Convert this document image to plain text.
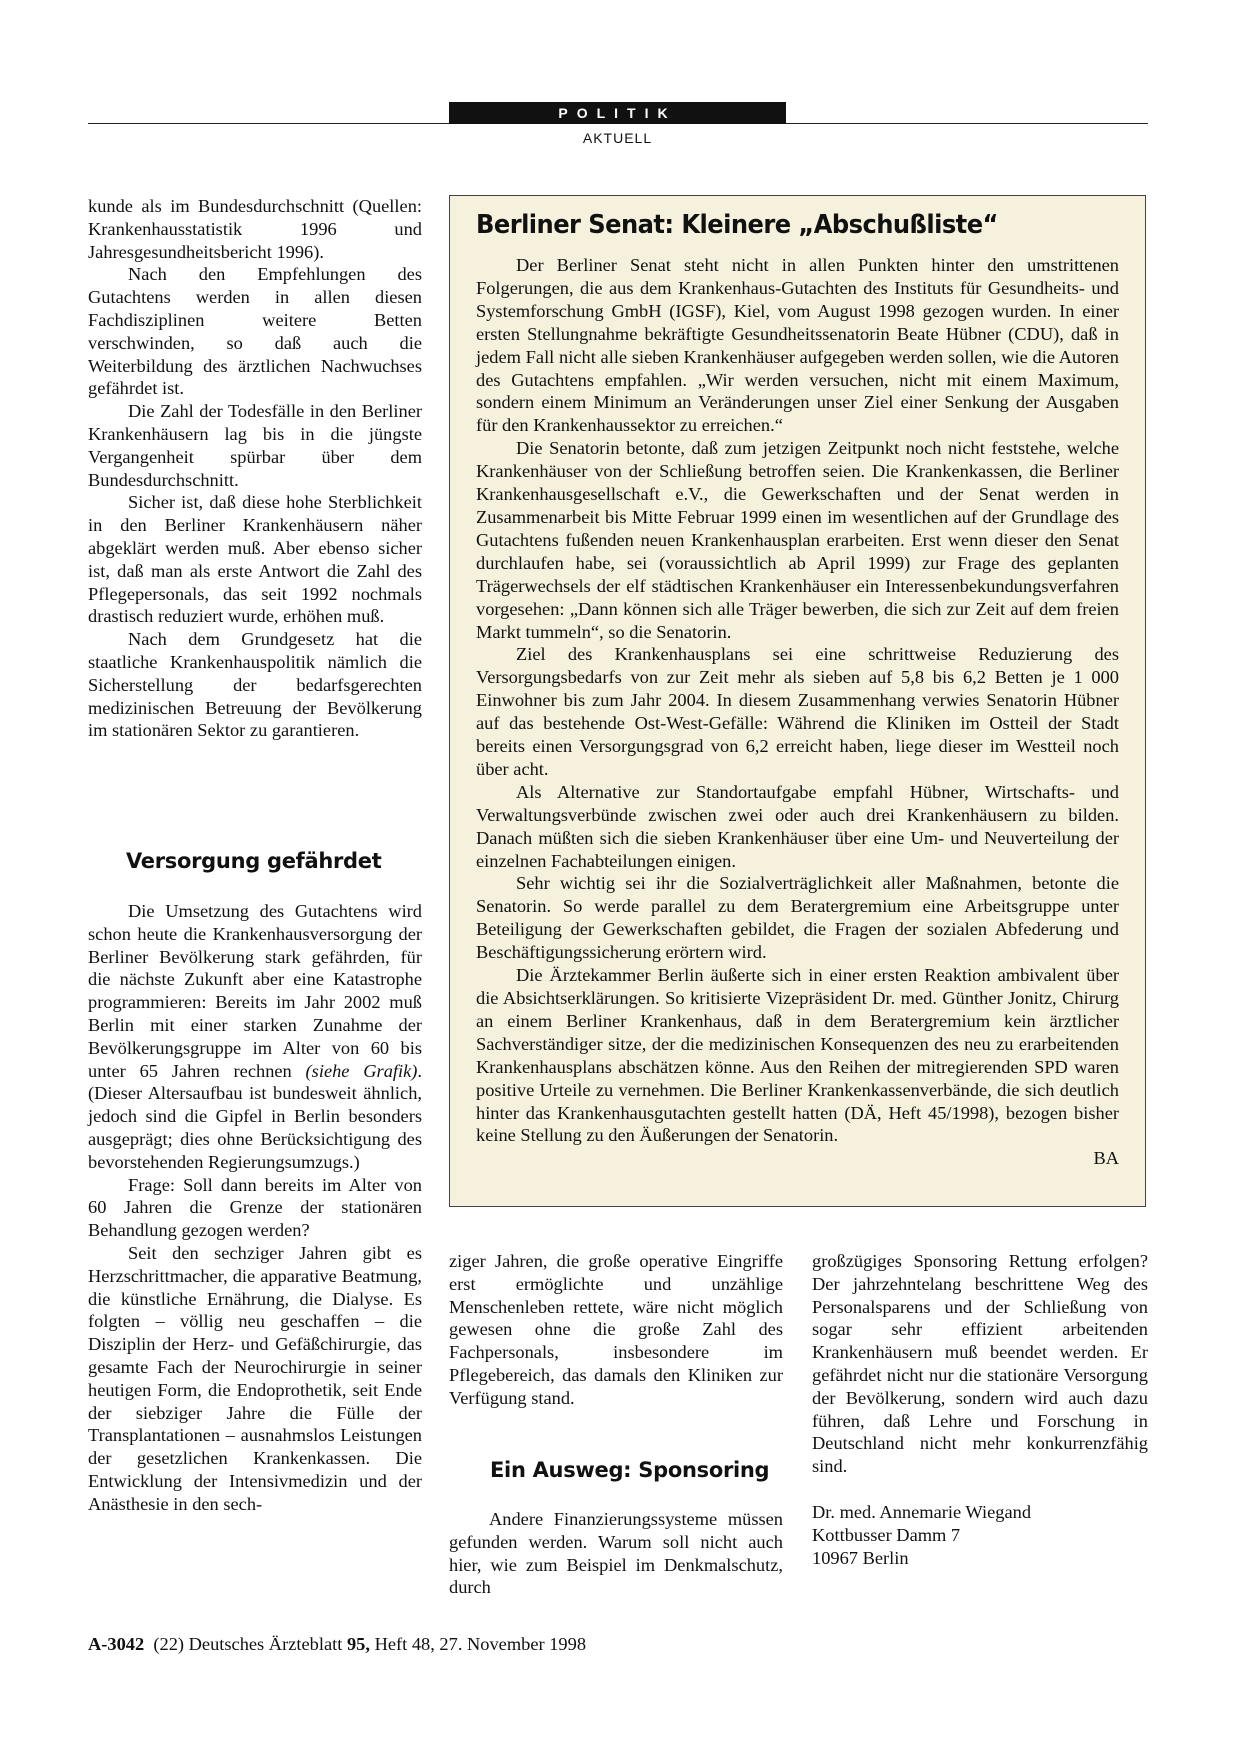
POLITIK
AKTUELL

kunde als im Bundesdurchschnitt (Quellen: Krankenhausstatistik 1996 und Jahresgesundheitsbericht 1996).

Nach den Empfehlungen des Gutachtens werden in allen diesen Fachdisziplinen weitere Betten verschwinden, so daß auch die Weiterbildung des ärztlichen Nachwuchses gefährdet ist.

Die Zahl der Todesfälle in den Berliner Krankenhäusern lag bis in die jüngste Vergangenheit spürbar über dem Bundesdurchschnitt.

Sicher ist, daß diese hohe Sterblichkeit in den Berliner Krankenhäusern näher abgeklärt werden muß. Aber ebenso sicher ist, daß man als erste Antwort die Zahl des Pflegepersonals, das seit 1992 nochmals drastisch reduziert wurde, erhöhen muß.

Nach dem Grundgesetz hat die staatliche Krankenhauspolitik nämlich die Sicherstellung der bedarfsgerechten medizinischen Betreuung der Bevölkerung im stationären Sektor zu garantieren.

Versorgung gefährdet

Die Umsetzung des Gutachtens wird schon heute die Krankenhausversorgung der Berliner Bevölkerung stark gefährden, für die nächste Zukunft aber eine Katastrophe programmieren: Bereits im Jahr 2002 muß Berlin mit einer starken Zunahme der Bevölkerungsgruppe im Alter von 60 bis unter 65 Jahren rechnen (siehe Grafik). (Dieser Altersaufbau ist bundesweit ähnlich, jedoch sind die Gipfel in Berlin besonders ausgeprägt; dies ohne Berücksichtigung des bevorstehenden Regierungsumzugs.)

Frage: Soll dann bereits im Alter von 60 Jahren die Grenze der stationären Behandlung gezogen werden?

Seit den sechziger Jahren gibt es Herzschrittmacher, die apparative Beatmung, die künstliche Ernährung, die Dialyse. Es folgten – völlig neu geschaffen – die Disziplin der Herz- und Gefäßchirurgie, das gesamte Fach der Neurochirurgie in seiner heutigen Form, die Endoprothetik, seit Ende der siebziger Jahre die Fülle der Transplantationen – ausnahmslos Leistungen der gesetzlichen Krankenkassen. Die Entwicklung der Intensivmedizin und der Anästhesie in den sech-

Berliner Senat: Kleinere „Abschußliste“

Der Berliner Senat steht nicht in allen Punkten hinter den umstrittenen Folgerungen, die aus dem Krankenhaus-Gutachten des Instituts für Gesundheits- und Systemforschung GmbH (IGSF), Kiel, vom August 1998 gezogen wurden. In einer ersten Stellungnahme bekräftigte Gesundheitssenatorin Beate Hübner (CDU), daß in jedem Fall nicht alle sieben Krankenhäuser aufgegeben werden sollen, wie die Autoren des Gutachtens empfahlen. „Wir werden versuchen, nicht mit einem Maximum, sondern einem Minimum an Veränderungen unser Ziel einer Senkung der Ausgaben für den Krankenhaussektor zu erreichen.“

Die Senatorin betonte, daß zum jetzigen Zeitpunkt noch nicht feststehe, welche Krankenhäuser von der Schließung betroffen seien. Die Krankenkassen, die Berliner Krankenhausgesellschaft e.V., die Gewerkschaften und der Senat werden in Zusammenarbeit bis Mitte Februar 1999 einen im wesentlichen auf der Grundlage des Gutachtens fußenden neuen Krankenhausplan erarbeiten. Erst wenn dieser den Senat durchlaufen habe, sei (voraussichtlich ab April 1999) zur Frage des geplanten Trägerwechsels der elf städtischen Krankenhäuser ein Interessenbekundungsverfahren vorgesehen: „Dann können sich alle Träger bewerben, die sich zur Zeit auf dem freien Markt tummeln“, so die Senatorin.

Ziel des Krankenhausplans sei eine schrittweise Reduzierung des Versorgungsbedarfs von zur Zeit mehr als sieben auf 5,8 bis 6,2 Betten je 1 000 Einwohner bis zum Jahr 2004. In diesem Zusammenhang verwies Senatorin Hübner auf das bestehende Ost-West-Gefälle: Während die Kliniken im Ostteil der Stadt bereits einen Versorgungsgrad von 6,2 erreicht haben, liege dieser im Westteil noch über acht.

Als Alternative zur Standortaufgabe empfahl Hübner, Wirtschafts- und Verwaltungsverbünde zwischen zwei oder auch drei Krankenhäusern zu bilden. Danach müßten sich die sieben Krankenhäuser über eine Um- und Neuverteilung der einzelnen Fachabteilungen einigen.

Sehr wichtig sei ihr die Sozialverträglichkeit aller Maßnahmen, betonte die Senatorin. So werde parallel zu dem Beratergremium eine Arbeitsgruppe unter Beteiligung der Gewerkschaften gebildet, die Fragen der sozialen Abfederung und Beschäftigungssicherung erörtern wird.

Die Ärztekammer Berlin äußerte sich in einer ersten Reaktion ambivalent über die Absichtserklärungen. So kritisierte Vizepräsident Dr. med. Günther Jonitz, Chirurg an einem Berliner Krankenhaus, daß in dem Beratergremium kein ärztlicher Sachverständiger sitze, der die medizinischen Konsequenzen des neu zu erarbeitenden Krankenhausplans abschätzen könne. Aus den Reihen der mitregierenden SPD waren positive Urteile zu vernehmen. Die Berliner Krankenkassenverbände, die sich deutlich hinter das Krankenhausgutachten gestellt hatten (DÄ, Heft 45/1998), bezogen bisher keine Stellung zu den Äußerungen der Senatorin.

BA

ziger Jahren, die große operative Eingriffe erst ermöglichte und unzählige Menschenleben rettete, wäre nicht möglich gewesen ohne die große Zahl des Fachpersonals, insbesondere im Pflegebereich, das damals den Kliniken zur Verfügung stand.

Ein Ausweg: Sponsoring

Andere Finanzierungssysteme müssen gefunden werden. Warum soll nicht auch hier, wie zum Beispiel im Denkmalschutz, durch

großzügiges Sponsoring Rettung erfolgen? Der jahrzehntelang beschrittene Weg des Personalsparens und der Schließung von sogar sehr effizient arbeitenden Krankenhäusern muß beendet werden. Er gefährdet nicht nur die stationäre Versorgung der Bevölkerung, sondern wird auch dazu führen, daß Lehre und Forschung in Deutschland nicht mehr konkurrenzfähig sind.

Dr. med. Annemarie Wiegand
Kottbusser Damm 7
10967 Berlin
A-3042 (22) Deutsches Ärzteblatt 95, Heft 48, 27. November 1998
